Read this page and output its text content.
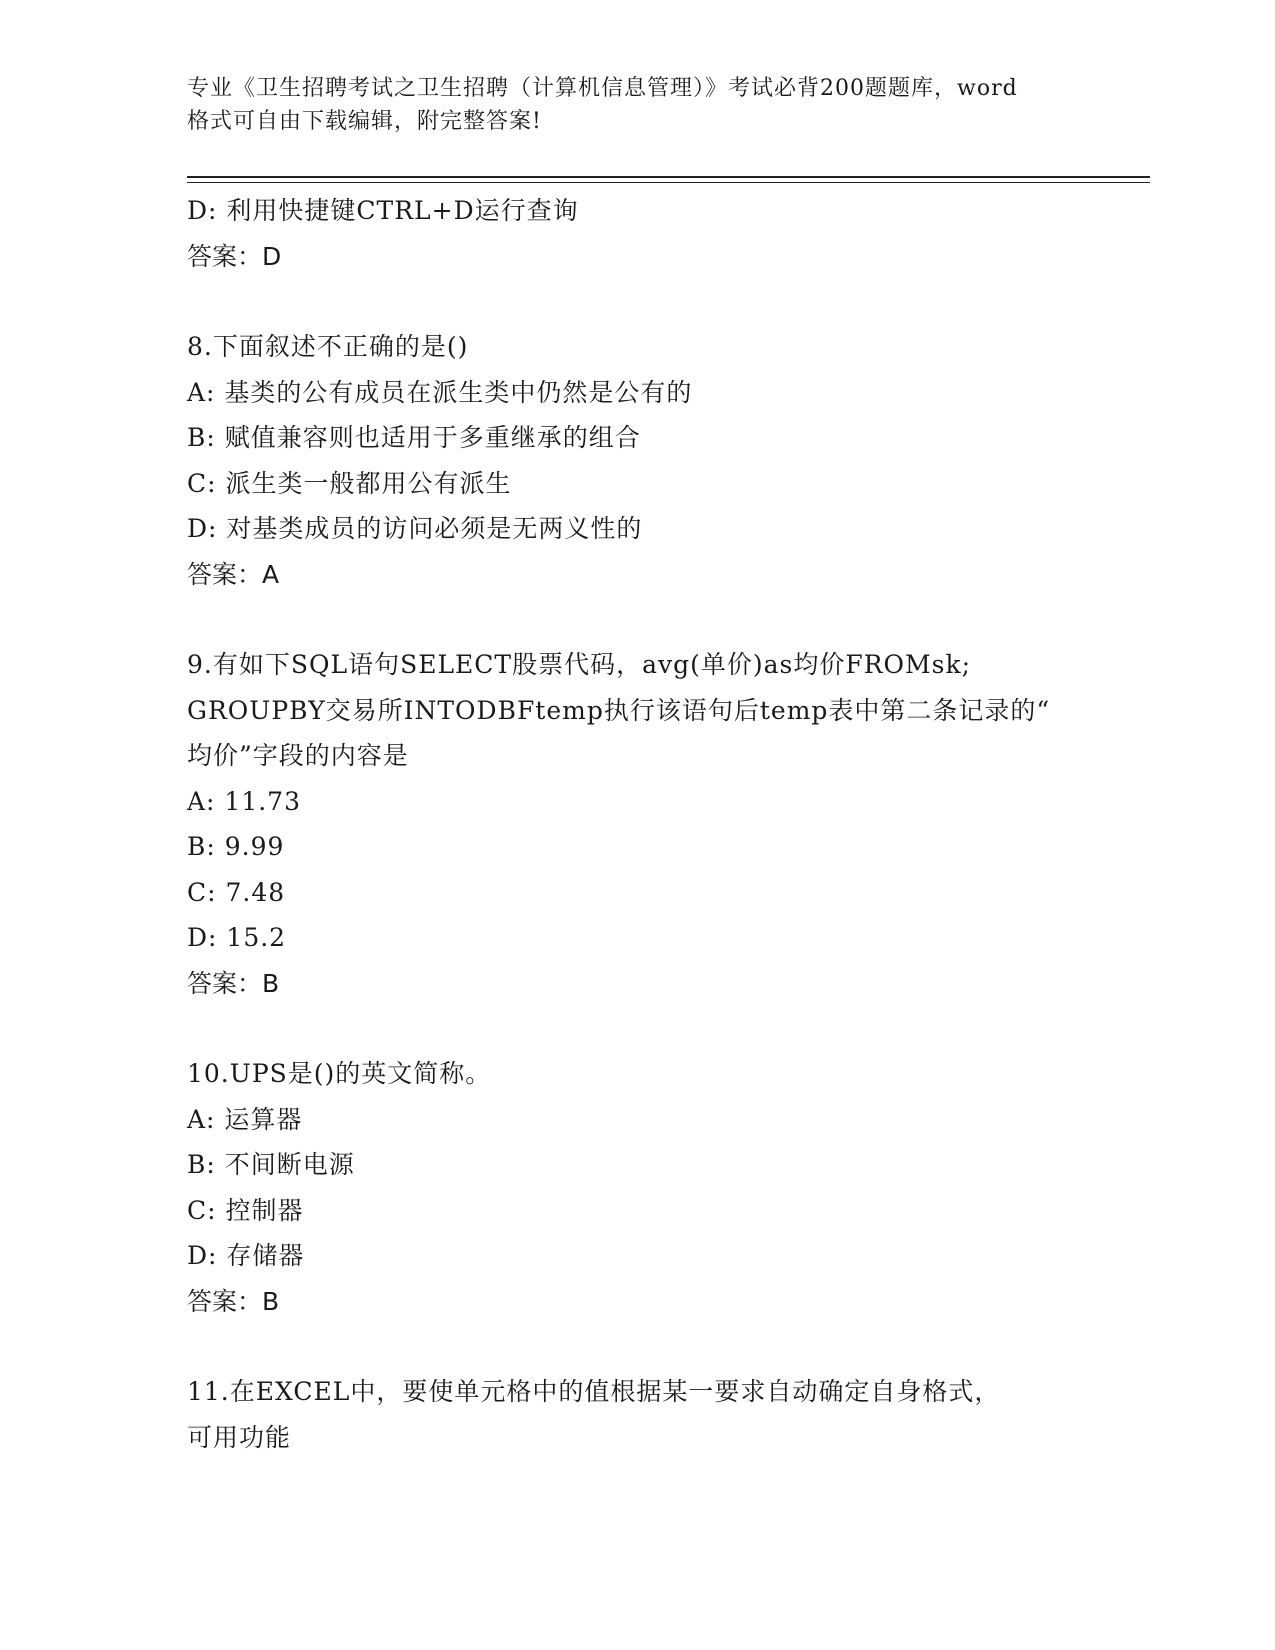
专业《卫生招聘考试之卫生招聘（计算机信息管理）》考试必背200题题库，word
格式可自由下载编辑，附完整答案!
D: 利用快捷键CTRL+D运行查询
答案：D
8.下面叙述不正确的是()
A: 基类的公有成员在派生类中仍然是公有的
B: 赋值兼容则也适用于多重继承的组合
C: 派生类一般都用公有派生
D: 对基类成员的访问必须是无两义性的
答案：A
9.有如下SQL语句SELECT股票代码，avg(单价)as均价FROMsk;
GROUPBY交易所INTODBFtemp执行该语句后temp表中第二条记录的“
均价”字段的内容是
A: 11.73
B: 9.99
C: 7.48
D: 15.2
答案：B
10.UPS是()的英文简称。
A: 运算器
B: 不间断电源
C: 控制器
D: 存储器
答案：B
11.在EXCEL中，要使单元格中的值根据某一要求自动确定自身格式，
可用功能
